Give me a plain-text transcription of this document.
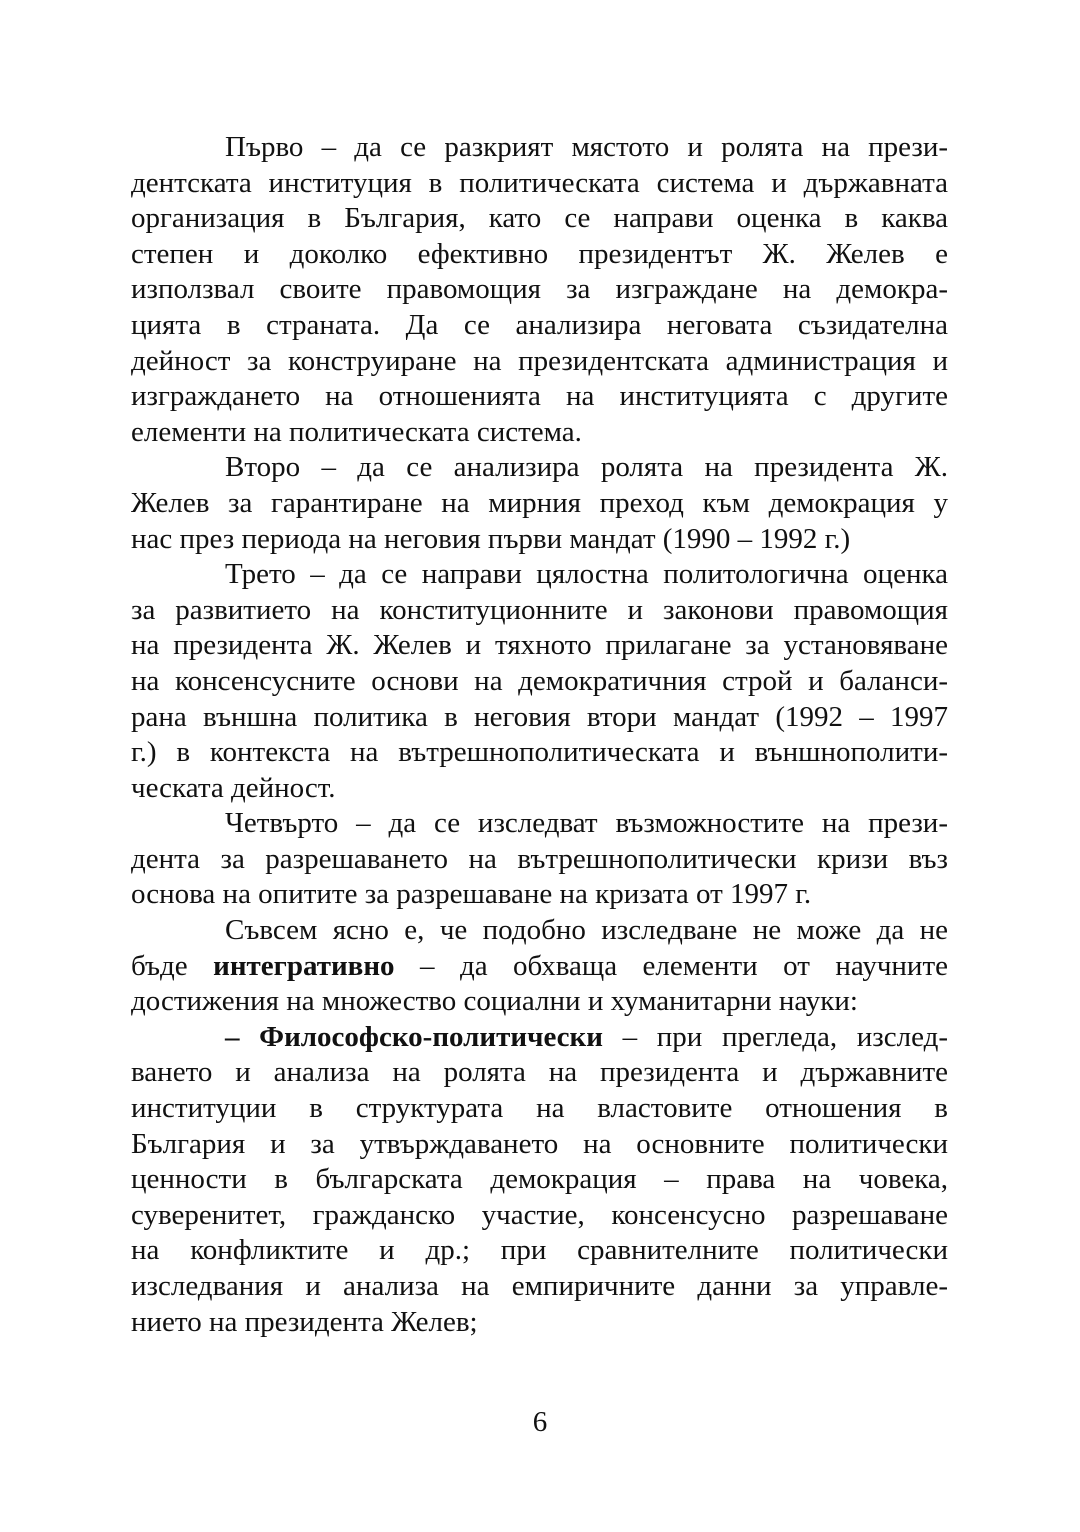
Първо – да се разкрият мястото и ролята на прези-
дентската институция в политическата система и държавната
организация в България, като се направи оценка в каква
степен и доколко ефективно президентът Ж. Желев е
използвал своите правомощия за изграждане на демокра-
цията в страната. Да се анализира неговата съзидателна
дейност за конструиране на президентската администрация и
изграждането на отношенията на институцията с другите
елементи на политическата система.
Второ – да се анализира ролята на президента Ж.
Желев за гарантиране на мирния преход към демокрация у
нас през периода на неговия първи мандат (1990 – 1992 г.)
Трето – да се направи цялостна политологична оценка
за развитието на конституционните и законови правомощия
на президента Ж. Желев и тяхното прилагане за установяване
на консенсусните основи на демократичния строй и баланси-
рана външна политика в неговия втори мандат (1992 – 1997
г.) в контекста на вътрешнополитическата и външнополити-
ческата дейност.
Четвърто – да се изследват възможностите на прези-
дента за разрешаването на вътрешнополитически кризи въз
основа на опитите за разрешаване на кризата от 1997 г.
Съвсем ясно е, че подобно изследване не може да не
бъде интегративно – да обхваща елементи от научните
достижения на множество социални и хуманитарни науки:
– Философско-политически – при прегледа, изслед-
ването и анализа на ролята на президента и държавните
институции в структурата на властовите отношения в
България и за утвърждаването на основните политически
ценности в българската демокрация – права на човека,
суверенитет, гражданско участие, консенсусно разрешаване
на конфликтите и др.; при сравнителните политически
изследвания и анализа на емпиричните данни за управле-
нието на президента Желев;
6
